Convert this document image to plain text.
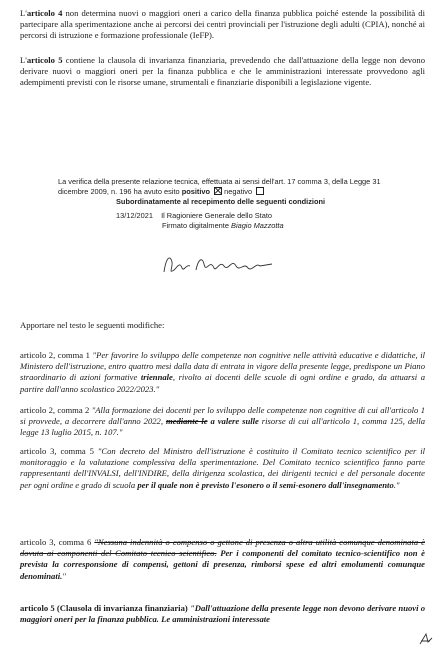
L'articolo 4 non determina nuovi o maggiori oneri a carico della finanza pubblica poiché estende la possibilità di partecipare alla sperimentazione anche ai percorsi dei centri provinciali per l'istruzione degli adulti (CPIA), nonché ai percorsi di istruzione e formazione professionale (IeFP).
L'articolo 5 contiene la clausola di invarianza finanziaria, prevedendo che dall'attuazione della legge non devono derivare nuovi o maggiori oneri per la finanza pubblica e che le amministrazioni interessate provvedono agli adempimenti previsti con le risorse umane, strumentali e finanziarie disponibili a legislazione vigente.
La verifica della presente relazione tecnica, effettuata ai sensi dell'art. 17 comma 3, della Legge 31
dicembre 2009, n. 196 ha avuto esito positivo negativo
Subordinatamente al recepimento delle seguenti condizioni
13/12/2021 Il Ragioniere Generale dello Stato
Firmato digitalmente Biagio Mazzotta
Apportare nel testo le seguenti modifiche:
articolo 2, comma 1 "Per favorire lo sviluppo delle competenze non cognitive nelle attività educative e didattiche, il Ministero dell'istruzione, entro quattro mesi dalla data di entrata in vigore della presente legge, predispone un Piano straordinario di azioni formative triennale, rivolto ai docenti delle scuole di ogni ordine e grado, da attuarsi a partire dall'anno scolastico 2022/2023."
articolo 2, comma 2 "Alla formazione dei docenti per lo sviluppo delle competenze non cognitive di cui all'articolo 1 si provvede, a decorrere dall'anno 2022, mediante le a valere sulle risorse di cui all'articolo 1, comma 125, della legge 13 luglio 2015, n. 107."
articolo 3, comma 5 "Con decreto del Ministro dell'istruzione è costituito il Comitato tecnico scientifico per il monitoraggio e la valutazione complessiva della sperimentazione. Del Comitato tecnico scientifico fanno parte rappresentanti dell'INVALSI, dell'INDIRE, della dirigenza scolastica, dei dirigenti tecnici e del personale docente per ogni ordine e grado di scuola per il quale non è previsto l'esonero o il semi-esonero dall'insegnamento."
articolo 3, comma 6 "Nessuna indennità o compenso o gettone di presenza o altra utilità comunque denominata è dovuta ai componenti del Comitato tecnico scientifico. Per i componenti del comitato tecnico-scientifico non è prevista la corresponsione di compensi, gettoni di presenza, rimborsi spese ed altri emolumenti comunque denominati."
articolo 5 (Clausola di invarianza finanziaria) "Dall'attuazione della presente legge non devono derivare nuovi o maggiori oneri per la finanza pubblica. Le amministrazioni interessate
